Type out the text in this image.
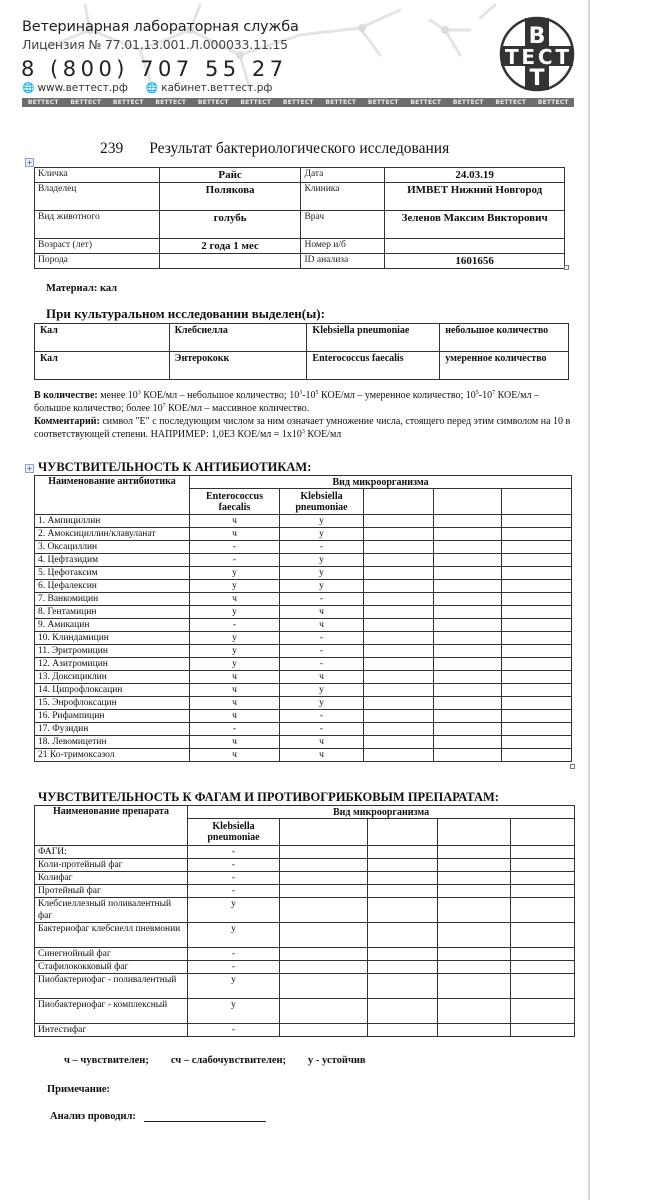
Ветеринарная лабораторная служба
Лицензия № 77.01.13.001.Л.000033.11.15
8 (800) 707 55 27
🌐 www.веттест.рф 🌐 кабинет.веттест.рф
ВЕТТЕСТ	ВЕТТЕСТ	ВЕТТЕСТ	ВЕТТЕСТ	ВЕТТЕСТ	ВЕТТЕСТ	ВЕТТЕСТ	ВЕТТЕСТ	ВЕТТЕСТ	ВЕТТЕСТ	ВЕТТЕСТ	ВЕТТЕСТ	ВЕТТЕСТ
В
ТЕСТ
Т
239 Результат бактериологического исследования
+
Кличка	Райс	Дата	24.03.19
Владелец	Полякова	Клиника	ИМВЕТ Нижний Новгород
Вид животного	голубь	Врач	Зеленов Максим Викторович
Возраст (лет)	2 года 1 мес	Номер и/б	
Порода		ID анализа	1601656
Материал: кал
При культуральном исследовании выделен(ы):
Кал	Клебсиелла	Klebsiella pneumoniae	небольшое количество
Кал	Энтерококк	Enterococcus faecalis	умеренное количество
В количестве: менее $10^3$ КОЕ/мл – небольшое количество; $10^3-10^5$ КОЕ/мл – умеренное количество; $10^5-10^7$ КОЕ/мл – большое количество; более $10^7$ КОЕ/мл – массивное количество.
Комментарий: символ "Е" с последующим числом за ним означает умножение числа, стоящего перед этим символом на 10 в соответствующей степени. НАПРИМЕР: 1,0Е3 $КОЕ/мл = 1х10^3$ КОЕ/мл
+ ЧУВСТВИТЕЛЬНОСТЬ К АНТИБИОТИКАМ:
Наименование антибиотика	Вид микроорганизма				
	Enterococcus faecalis	Klebsiella pneumoniae			
1. Ампициллин	ч	у			
2. Амоксициллин/клавуланат	ч	у			
3. Оксациллин	-	-			
4. Цефтазидим	-	у			
5. Цефотаксим	у	у			
6. Цефалексин	у	у			
7. Ванкомицин	ч	-			
8. Гентамицин	у	ч			
9. Амикацин	-	ч			
10. Клиндамицин	у	-			
11. Эритромицин	у	-			
12. Азитромицин	у	-			
13. Доксициклин	ч	ч			
14. Ципрофлоксацин	ч	у			
15. Энрофлоксацин	ч	у			
16. Рифампицин	ч	-			
17. Фузидин	-	-			
18. Левомицетин	ч	ч			
21 Ко-тримоксазол	ч	ч			
ЧУВСТВИТЕЛЬНОСТЬ К ФАГАМ И ПРОТИВОГРИБКОВЫМ ПРЕПАРАТАМ:
Наименование препарата	Вид микроорганизма				
	Klebsiella pneumoniae				
ФАГИ:	-				
Коли-протейный фаг	-				
Колифаг	-				
Протейный фаг	-				
Клебсиеллезный поливалентный фаг	у				
Бактериофаг клебсиелл пневмонии	у				
Синегнойный фаг	-				
Стафилококковый фаг	-				
Пиобактериофаг - поливалентный	у				
Пиобактериофаг - комплексный	у				
Интестифаг	-				
ч – чувствителен; сч – слабочувствителен; у - устойчив
Примечание:
Анализ проводил:
